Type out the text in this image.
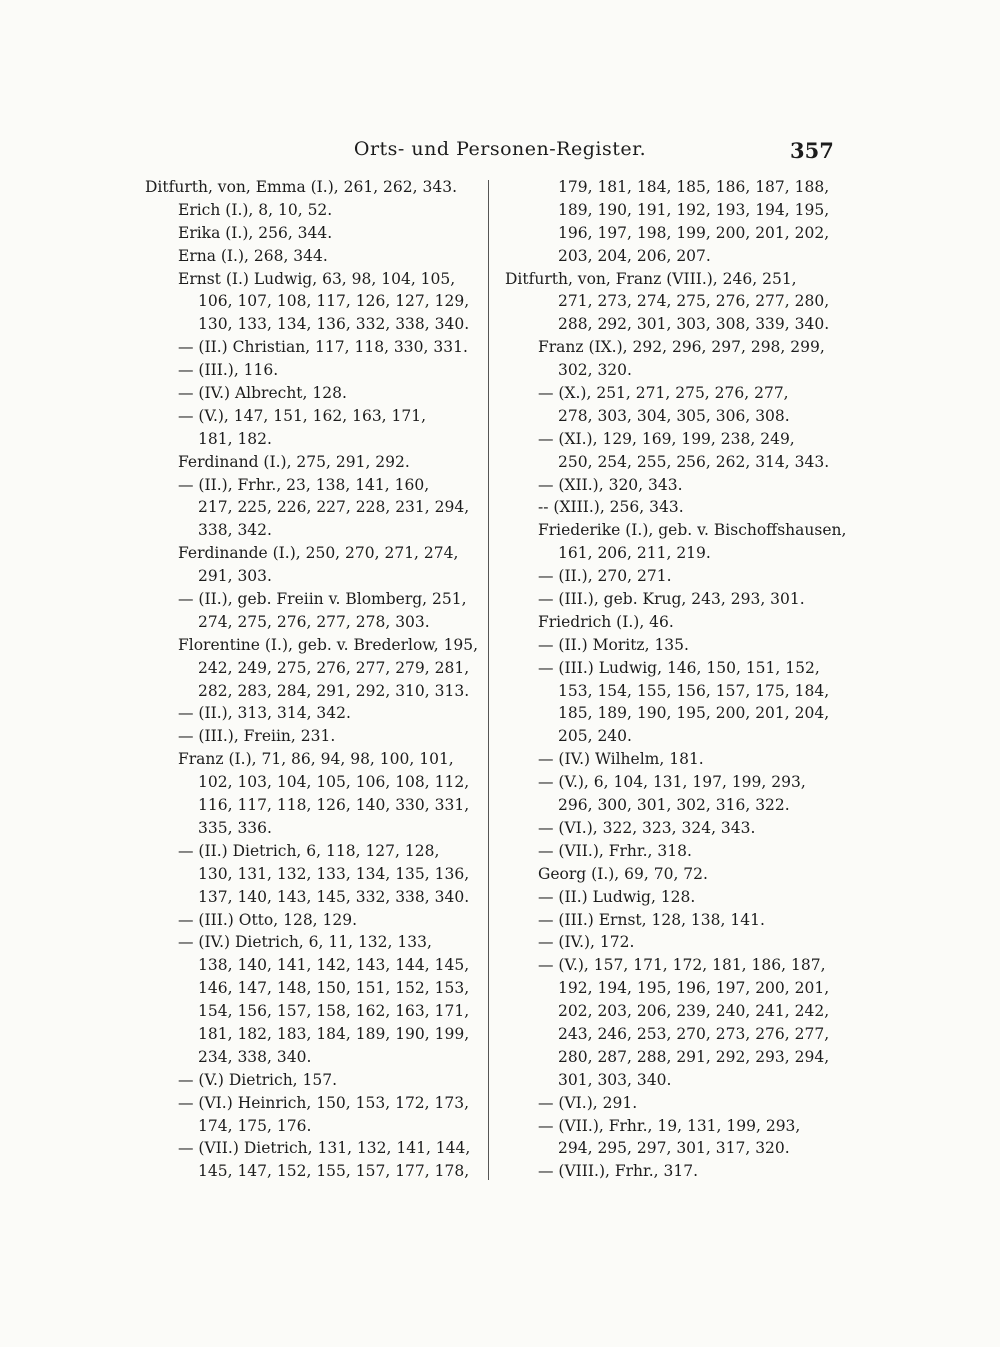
Orts- und Personen-Register.	357
Ditfurth, von, Emma (I.), 261, 262, 343.
Erich (I.), 8, 10, 52.
Erika (I.), 256, 344.
Erna (I.), 268, 344.
Ernst (I.) Ludwig, 63, 98, 104, 105,
106, 107, 108, 117, 126, 127, 129,
130, 133, 134, 136, 332, 338, 340.
— (II.) Christian, 117, 118, 330, 331.
— (III.), 116.
— (IV.) Albrecht, 128.
— (V.), 147, 151, 162, 163, 171,
181, 182.
Ferdinand (I.), 275, 291, 292.
— (II.), Frhr., 23, 138, 141, 160,
217, 225, 226, 227, 228, 231, 294,
338, 342.
Ferdinande (I.), 250, 270, 271, 274,
291, 303.
— (II.), geb. Freiin v. Blomberg, 251,
274, 275, 276, 277, 278, 303.
Florentine (I.), geb. v. Brederlow, 195,
242, 249, 275, 276, 277, 279, 281,
282, 283, 284, 291, 292, 310, 313.
— (II.), 313, 314, 342.
— (III.), Freiin, 231.
Franz (I.), 71, 86, 94, 98, 100, 101,
102, 103, 104, 105, 106, 108, 112,
116, 117, 118, 126, 140, 330, 331,
335, 336.
— (II.) Dietrich, 6, 118, 127, 128,
130, 131, 132, 133, 134, 135, 136,
137, 140, 143, 145, 332, 338, 340.
— (III.) Otto, 128, 129.
— (IV.) Dietrich, 6, 11, 132, 133,
138, 140, 141, 142, 143, 144, 145,
146, 147, 148, 150, 151, 152, 153,
154, 156, 157, 158, 162, 163, 171,
181, 182, 183, 184, 189, 190, 199,
234, 338, 340.
— (V.) Dietrich, 157.
— (VI.) Heinrich, 150, 153, 172, 173,
174, 175, 176.
— (VII.) Dietrich, 131, 132, 141, 144,
145, 147, 152, 155, 157, 177, 178,
179, 181, 184, 185, 186, 187, 188,
189, 190, 191, 192, 193, 194, 195,
196, 197, 198, 199, 200, 201, 202,
203, 204, 206, 207.
Ditfurth, von, Franz (VIII.), 246, 251,
271, 273, 274, 275, 276, 277, 280,
288, 292, 301, 303, 308, 339, 340.
Franz (IX.), 292, 296, 297, 298, 299,
302, 320.
— (X.), 251, 271, 275, 276, 277,
278, 303, 304, 305, 306, 308.
— (XI.), 129, 169, 199, 238, 249,
250, 254, 255, 256, 262, 314, 343.
— (XII.), 320, 343.
-- (XIII.), 256, 343.
Friederike (I.), geb. v. Bischoffshausen,
161, 206, 211, 219.
— (II.), 270, 271.
— (III.), geb. Krug, 243, 293, 301.
Friedrich (I.), 46.
— (II.) Moritz, 135.
— (III.) Ludwig, 146, 150, 151, 152,
153, 154, 155, 156, 157, 175, 184,
185, 189, 190, 195, 200, 201, 204,
205, 240.
— (IV.) Wilhelm, 181.
— (V.), 6, 104, 131, 197, 199, 293,
296, 300, 301, 302, 316, 322.
— (VI.), 322, 323, 324, 343.
— (VII.), Frhr., 318.
Georg (I.), 69, 70, 72.
— (II.) Ludwig, 128.
— (III.) Ernst, 128, 138, 141.
— (IV.), 172.
— (V.), 157, 171, 172, 181, 186, 187,
192, 194, 195, 196, 197, 200, 201,
202, 203, 206, 239, 240, 241, 242,
243, 246, 253, 270, 273, 276, 277,
280, 287, 288, 291, 292, 293, 294,
301, 303, 340.
— (VI.), 291.
— (VII.), Frhr., 19, 131, 199, 293,
294, 295, 297, 301, 317, 320.
— (VIII.), Frhr., 317.
